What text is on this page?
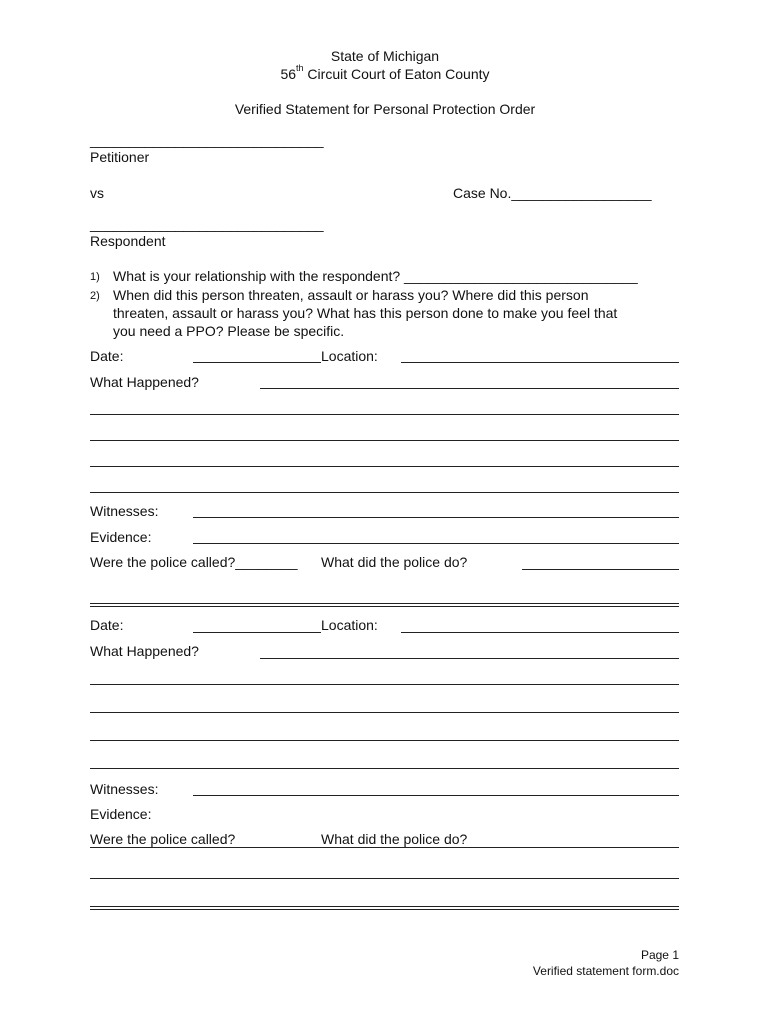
State of Michigan
56th Circuit Court of Eaton County
Verified Statement for Personal Protection Order
______________________________
Petitioner
vs	Case No.__________________
______________________________
Respondent
1) What is your relationship with the respondent? ______________________________
2) When did this person threaten, assault or harass you? Where did this person
threaten, assault or harass you? What has this person done to make you feel that
you need a PPO? Please be specific.
Date:	Location:
What Happened?
Witnesses:
Evidence:
Were the police called?________ What did the police do?
Date:	Location:
What Happened?
Witnesses:
Evidence:
Were the police called?	What did the police do?
Page 1
Verified statement form.doc
